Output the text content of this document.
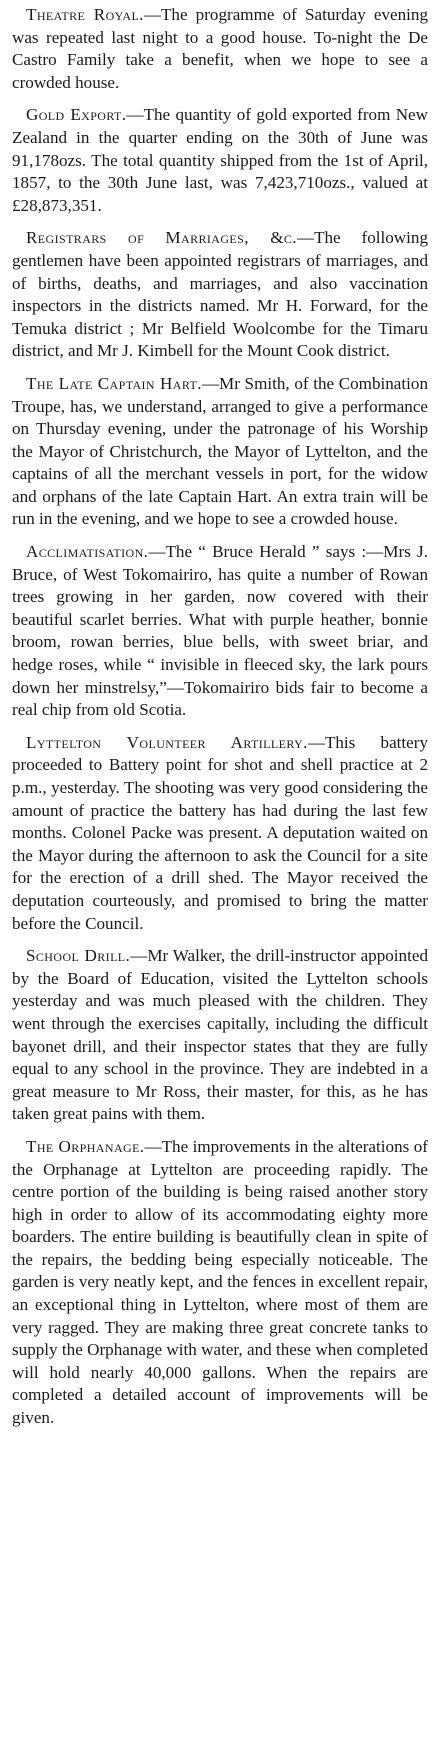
Theatre Royal.—The programme of Saturday evening was repeated last night to a good house. To-night the De Castro Family take a benefit, when we hope to see a crowded house.

Gold Export.—The quantity of gold exported from New Zealand in the quarter ending on the 30th of June was 91,178ozs. The total quantity shipped from the 1st of April, 1857, to the 30th June last, was 7,423,710ozs., valued at £28,873,351.

Registrars of Marriages, &c.—The following gentlemen have been appointed registrars of marriages, and of births, deaths, and marriages, and also vaccination inspectors in the districts named. Mr H. Forward, for the Temuka district ; Mr Belfield Woolcombe for the Timaru district, and Mr J. Kimbell for the Mount Cook district.

The Late Captain Hart.—Mr Smith, of the Combination Troupe, has, we understand, arranged to give a performance on Thursday evening, under the patronage of his Worship the Mayor of Christchurch, the Mayor of Lyttelton, and the captains of all the merchant vessels in port, for the widow and orphans of the late Captain Hart. An extra train will be run in the evening, and we hope to see a crowded house.

Acclimatisation.—The “ Bruce Herald ” says :—Mrs J. Bruce, of West Tokomairiro, has quite a number of Rowan trees growing in her garden, now covered with their beautiful scarlet berries. What with purple heather, bonnie broom, rowan berries, blue bells, with sweet briar, and hedge roses, while “ invisible in fleeced sky, the lark pours down her minstrelsy,”—Tokomairiro bids fair to become a real chip from old Scotia.

Lyttelton Volunteer Artillery.—This battery proceeded to Battery point for shot and shell practice at 2 p.m., yesterday. The shooting was very good considering the amount of practice the battery has had during the last few months. Colonel Packe was present. A deputation waited on the Mayor during the afternoon to ask the Council for a site for the erection of a drill shed. The Mayor received the deputation courteously, and promised to bring the matter before the Council.

School Drill.—Mr Walker, the drill-instructor appointed by the Board of Education, visited the Lyttelton schools yesterday and was much pleased with the children. They went through the exercises capitally, including the difficult bayonet drill, and their inspector states that they are fully equal to any school in the province. They are indebted in a great measure to Mr Ross, their master, for this, as he has taken great pains with them.

The Orphanage.—The improvements in the alterations of the Orphanage at Lyttelton are proceeding rapidly. The centre portion of the building is being raised another story high in order to allow of its accommodating eighty more boarders. The entire building is beautifully clean in spite of the repairs, the bedding being especially noticeable. The garden is very neatly kept, and the fences in excellent repair, an exceptional thing in Lyttelton, where most of them are very ragged. They are making three great concrete tanks to supply the Orphanage with water, and these when completed will hold nearly 40,000 gallons. When the repairs are completed a detailed account of improvements will be given.
